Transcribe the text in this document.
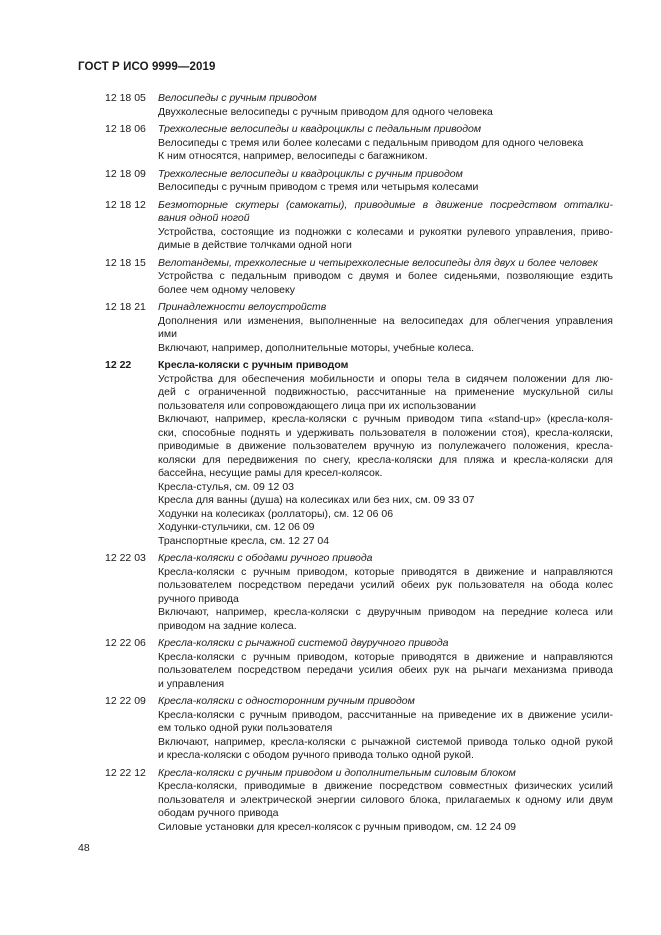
ГОСТ Р ИСО 9999—2019
12 18 05	Велосипеды с ручным приводом
Двухколесные велосипеды с ручным приводом для одного человека
12 18 06	Трехколесные велосипеды и квадроциклы с педальным приводом
Велосипеды с тремя или более колесами с педальным приводом для одного человека
К ним относятся, например, велосипеды с багажником.
12 18 09	Трехколесные велосипеды и квадроциклы с ручным приводом
Велосипеды с ручным приводом с тремя или четырьмя колесами
12 18 12	Безмоторные скутеры (самокаты), приводимые в движение посредством отталки-
вания одной ногой
Устройства, состоящие из подножки с колесами и рукоятки рулевого управления, приво-
димые в действие толчками одной ноги
12 18 15	Велотандемы, трехколесные и четырехколесные велосипеды для двух и более человек
Устройства с педальным приводом с двумя и более сиденьями, позволяющие ездить
более чем одному человеку
12 18 21	Принадлежности велоустройств
Дополнения или изменения, выполненные на велосипедах для облегчения управления
ими
Включают, например, дополнительные моторы, учебные колеса.
12 22	Кресла-коляски с ручным приводом
Устройства для обеспечения мобильности и опоры тела в сидячем положении для лю-
дей с ограниченной подвижностью, рассчитанные на применение мускульной силы
пользователя или сопровождающего лица при их использовании
Включают, например, кресла-коляски с ручным приводом типа «stand-up» (кресла-коля-
ски, способные поднять и удерживать пользователя в положении стоя), кресла-коляски,
приводимые в движение пользователем вручную из полулежачего положения, кресла-
коляски для передвижения по снегу, кресла-коляски для пляжа и кресла-коляски для
бассейна, несущие рамы для кресел-колясок.
Кресла-стулья, см. 09 12 03
Кресла для ванны (душа) на колесиках или без них, см. 09 33 07
Ходунки на колесиках (роллаторы), см. 12 06 06
Ходунки-стульчики, см. 12 06 09
Транспортные кресла, см. 12 27 04
12 22 03	Кресла-коляски с ободами ручного привода
Кресла-коляски с ручным приводом, которые приводятся в движение и направляются
пользователем посредством передачи усилий обеих рук пользователя на обода колес
ручного привода
Включают, например, кресла-коляски с двуручным приводом на передние колеса или
приводом на задние колеса.
12 22 06	Кресла-коляски с рычажной системой двуручного привода
Кресла-коляски с ручным приводом, которые приводятся в движение и направляются
пользователем посредством передачи усилия обеих рук на рычаги механизма привода
и управления
12 22 09	Кресла-коляски с односторонним ручным приводом
Кресла-коляски с ручным приводом, рассчитанные на приведение их в движение усили-
ем только одной руки пользователя
Включают, например, кресла-коляски с рычажной системой привода только одной рукой
и кресла-коляски с ободом ручного привода только одной рукой.
12 22 12	Кресла-коляски с ручным приводом и дополнительным силовым блоком
Кресла-коляски, приводимые в движение посредством совместных физических усилий
пользователя и электрической энергии силового блока, прилагаемых к одному или двум
ободам ручного привода
Силовые установки для кресел-колясок с ручным приводом, см. 12 24 09
48
